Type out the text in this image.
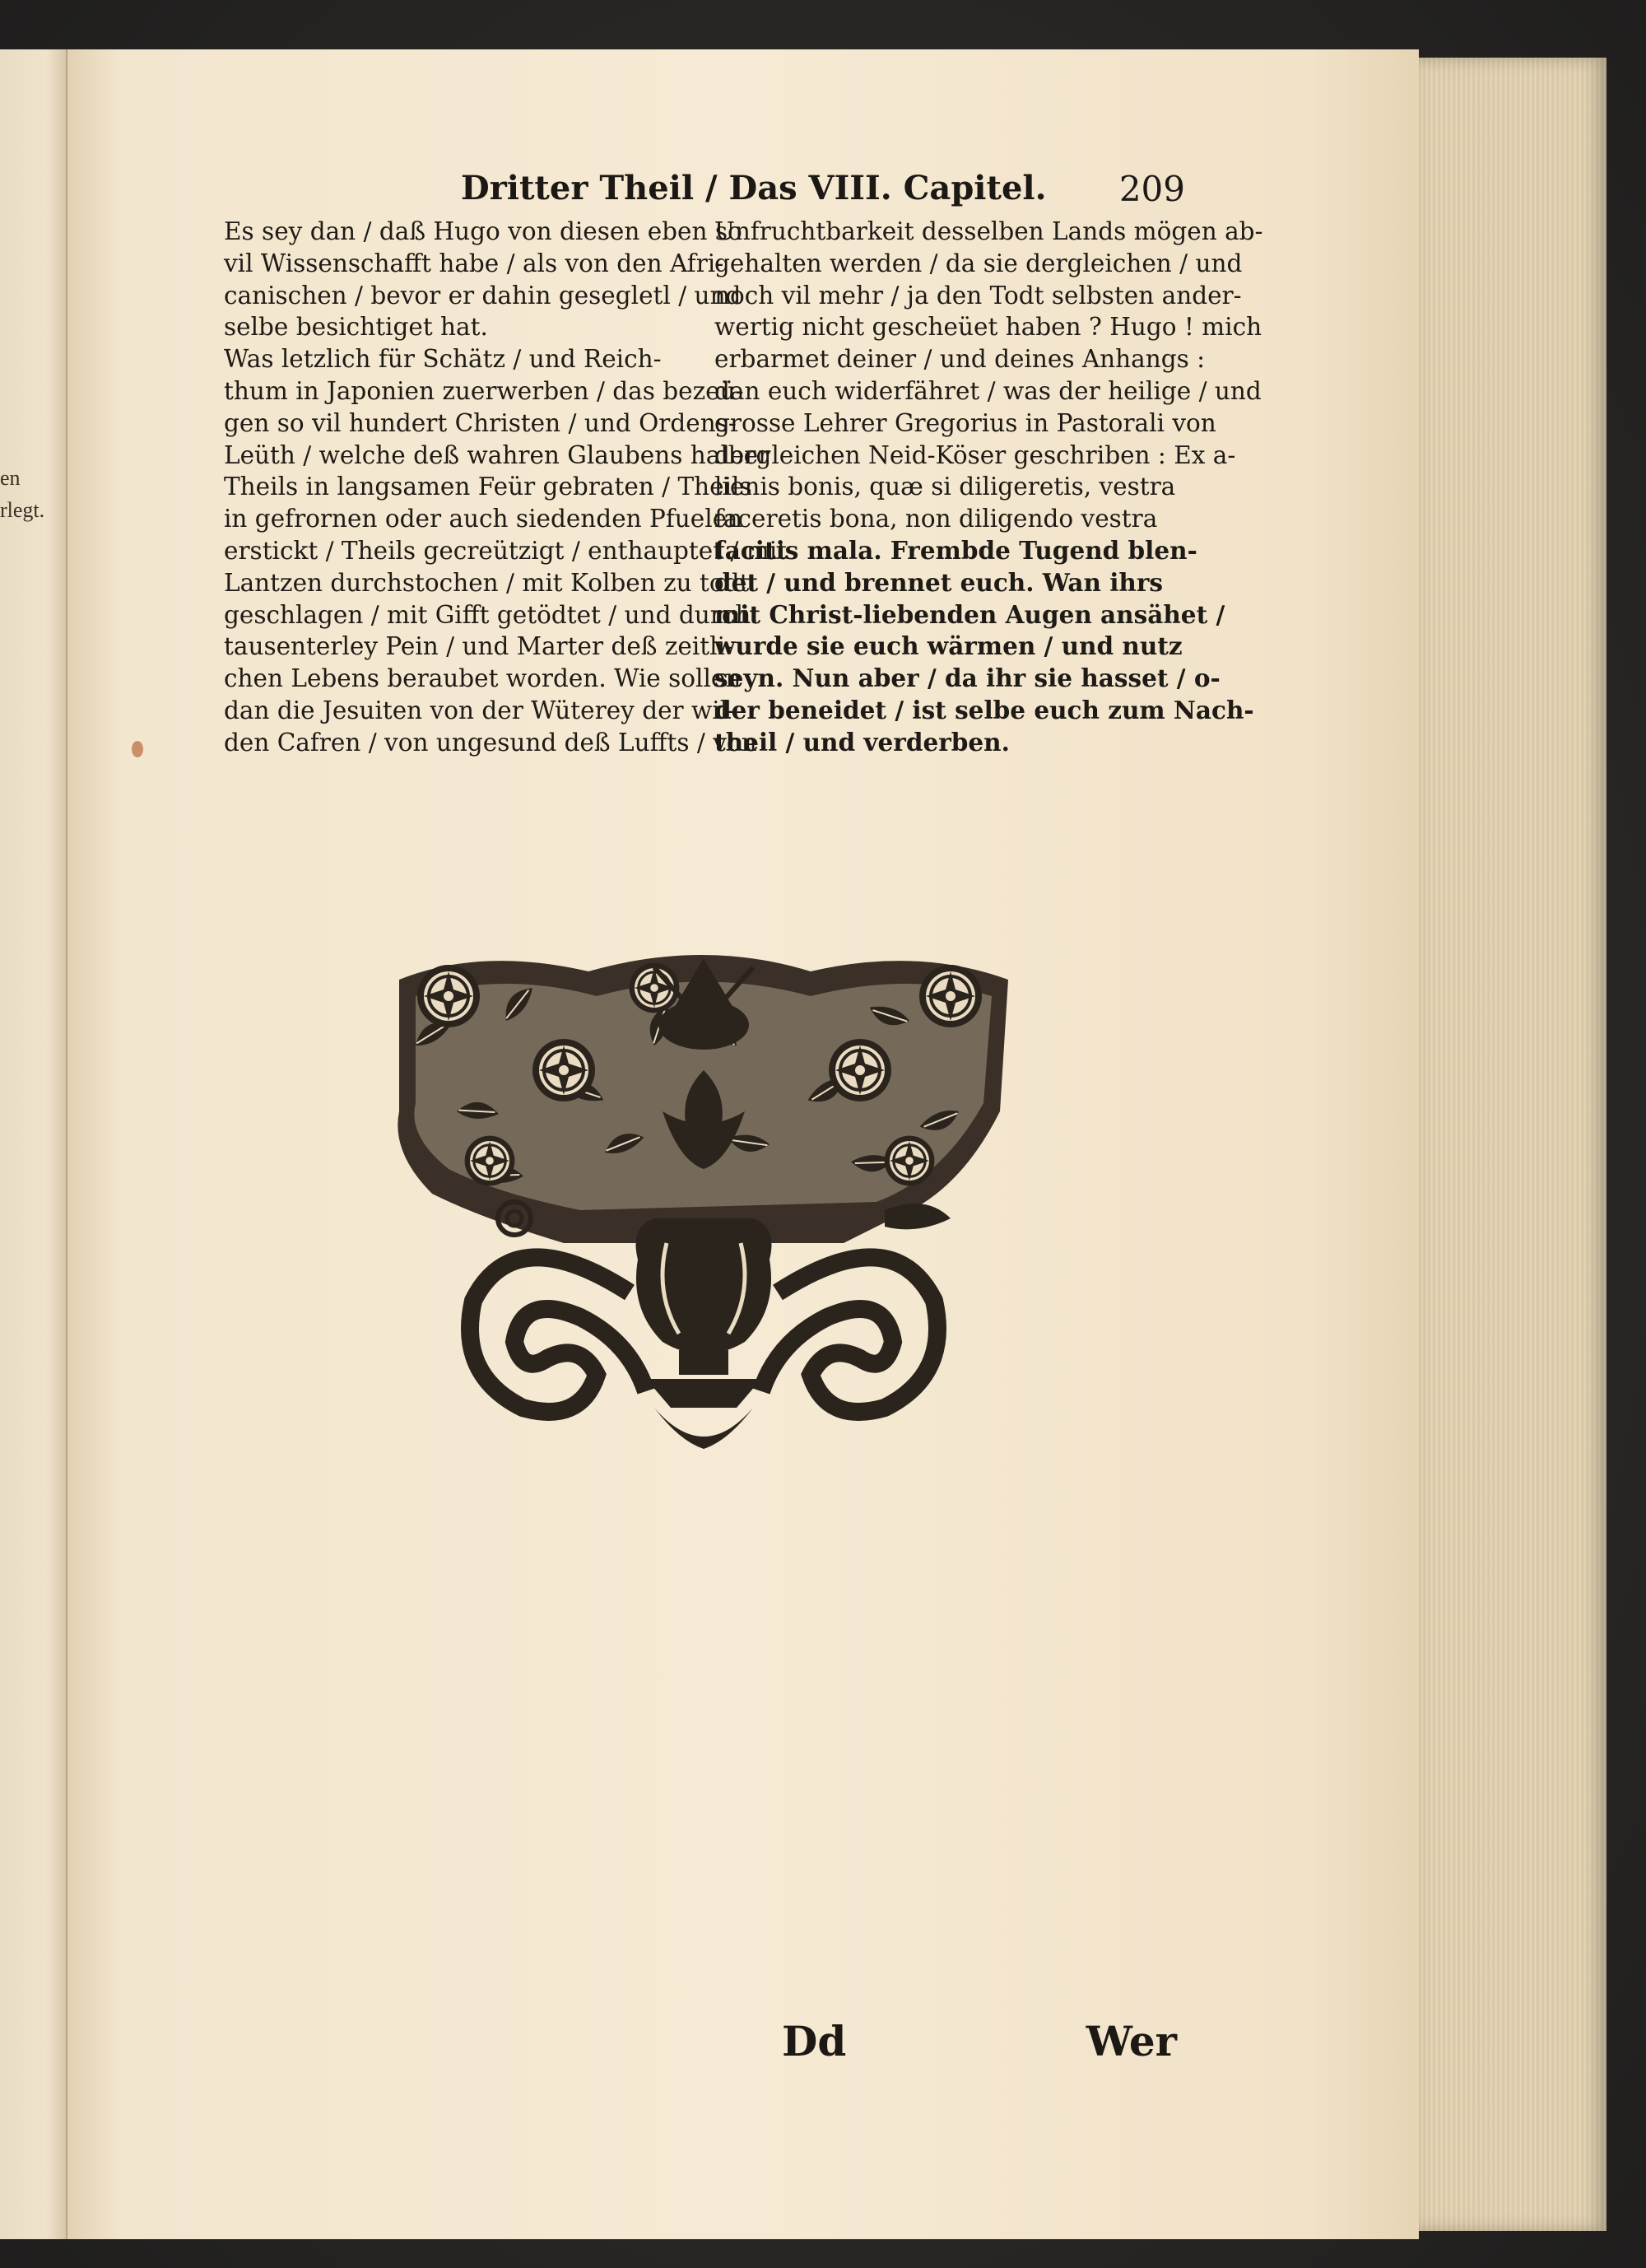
en
rlegt.
Dritter Theil / Das VIII. Capitel. 209
Es sey dan / daß Hugo von diesen eben so
vil Wissenschafft habe / als von den Afri-
canischen / bevor er dahin gesegletl / und
selbe besichtiget hat.
Was letzlich für Schätz / und Reich-
thum in Japonien zuerwerben / das bezeü-
gen so vil hundert Christen / und Ordens-
Leüth / welche deß wahren Glaubens halber
Theils in langsamen Feür gebraten / Theils
in gefrornen oder auch siedenden Pfuelen
erstickt / Theils gecreützigt / enthauptet / mit
Lantzen durchstochen / mit Kolben zu todt
geschlagen / mit Gifft getödtet / und durch
tausenterley Pein / und Marter deß zeitli-
chen Lebens beraubet worden. Wie sollen
dan die Jesuiten von der Wüterey der wil-
den Cafren / von ungesund deß Luffts / von
Unfruchtbarkeit desselben Lands mögen ab-
gehalten werden / da sie dergleichen / und
noch vil mehr / ja den Todt selbsten ander-
wertig nicht gescheüet haben ? Hugo ! mich
erbarmet deiner / und deines Anhangs :
dan euch widerfähret / was der heilige / und
grosse Lehrer Gregorius in Pastorali von
dergleichen Neid-Köser geschriben : Ex a-
lienis bonis, quæ si diligeretis, vestra
faceretis bona, non diligendo vestra
facitis mala. Frembde Tugend blen-
det / und brennet euch. Wan ihrs
mit Christ-liebenden Augen ansähet /
wurde sie euch wärmen / und nutz
seyn. Nun aber / da ihr sie hasset / o-
der beneidet / ist selbe euch zum Nach-
theil / und verderben.
Dd	Wer
